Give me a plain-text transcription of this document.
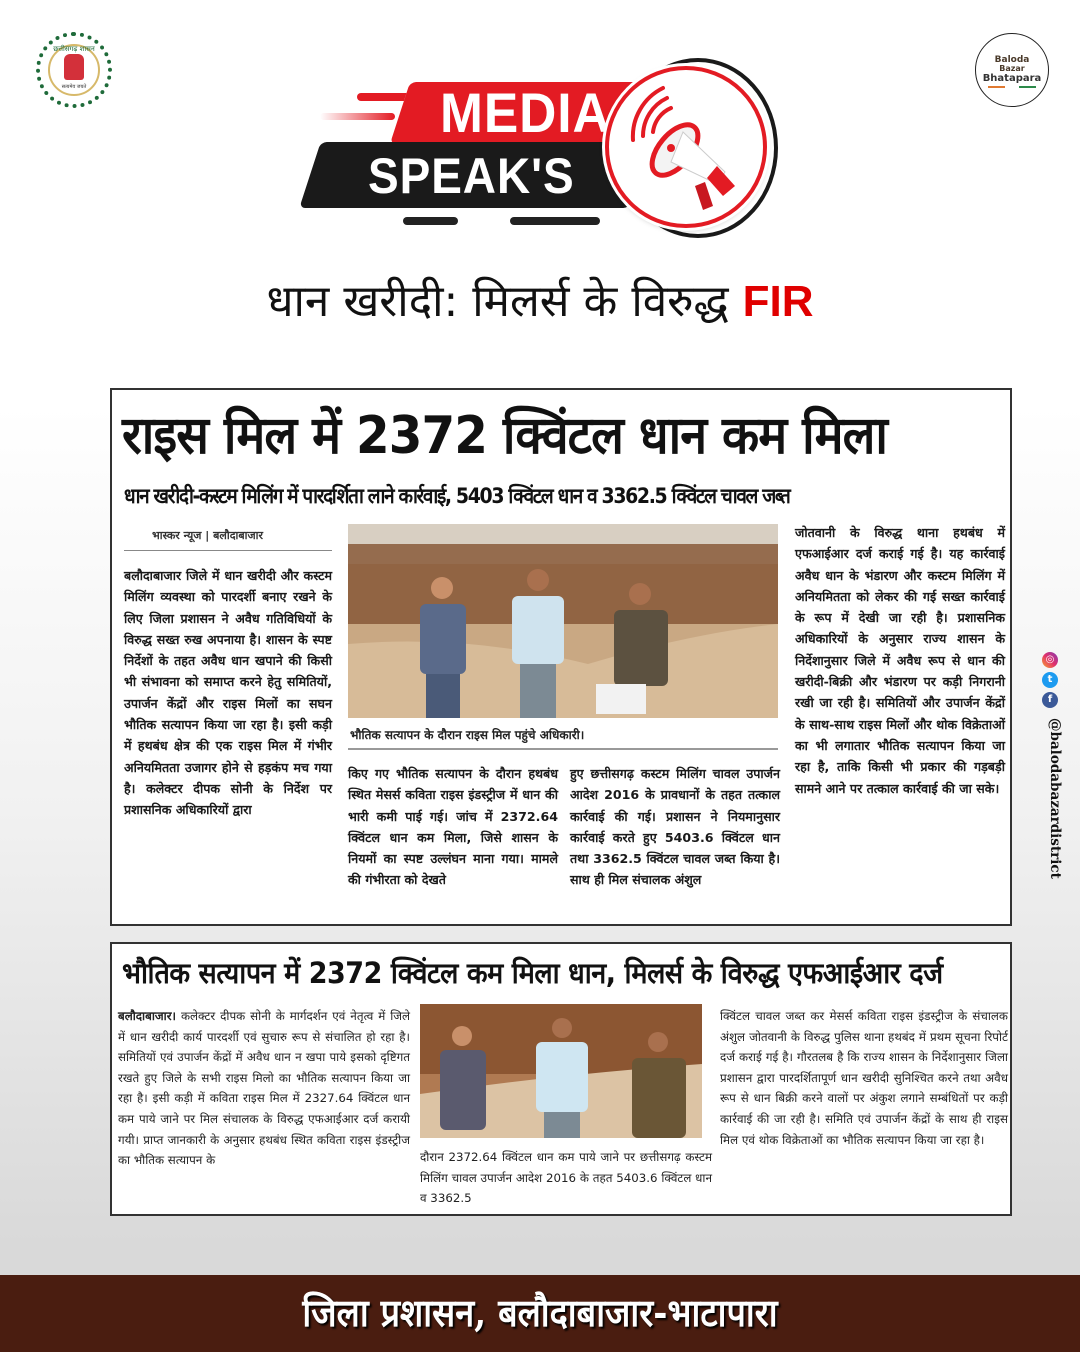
छत्तीसगढ़ शासन
सत्यमेव जयते
Baloda
Bazar
Bhatapara
MEDIA
SPEAK'S
धान खरीदी: मिलर्स के विरुद्ध FIR
राइस मिल में 2372 क्विंटल धान कम मिला
धान खरीदी-कस्टम मिलिंग में पारदर्शिता लाने कार्रवाई, 5403 क्विंटल धान व 3362.5 क्विंटल चावल जब्त
भास्कर न्यूज | बलौदाबाजार
बलौदाबाजार जिले में धान खरीदी और कस्टम मिलिंग व्यवस्था को पारदर्शी बनाए रखने के लिए जिला प्रशासन ने अवैध गतिविधियों के विरुद्ध सख्त रुख अपनाया है। शासन के स्पष्ट निर्देशों के तहत अवैध धान खपाने की किसी भी संभावना को समाप्त करने हेतु समितियों, उपार्जन केंद्रों और राइस मिलों का सघन भौतिक सत्यापन किया जा रहा है। इसी कड़ी में हथबंध क्षेत्र की एक राइस मिल में गंभीर अनियमितता उजागर होने से हड़कंप मच गया है। कलेक्टर दीपक सोनी के निर्देश पर प्रशासनिक अधिकारियों द्वारा
भौतिक सत्यापन के दौरान राइस मिल पहुंचे अधिकारी।
किए गए भौतिक सत्यापन के दौरान हथबंध स्थित मेसर्स कविता राइस इंडस्ट्रीज में धान की भारी कमी पाई गई। जांच में 2372.64 क्विंटल धान कम मिला, जिसे शासन के नियमों का स्पष्ट उल्लंघन माना गया। मामले की गंभीरता को देखते
हुए छत्तीसगढ़ कस्टम मिलिंग चावल उपार्जन आदेश 2016 के प्रावधानों के तहत तत्काल कार्रवाई की गई। प्रशासन ने नियमानुसार कार्रवाई करते हुए 5403.6 क्विंटल धान तथा 3362.5 क्विंटल चावल जब्त किया है। साथ ही मिल संचालक अंशुल
जोतवानी के विरुद्ध थाना हथबंध में एफआईआर दर्ज कराई गई है। यह कार्रवाई अवैध धान के भंडारण और कस्टम मिलिंग में अनियमितता को लेकर की गई सख्त कार्रवाई के रूप में देखी जा रही है। प्रशासनिक अधिकारियों के अनुसार राज्य शासन के निर्देशानुसार जिले में अवैध रूप से धान की खरीदी-बिक्री और भंडारण पर कड़ी निगरानी रखी जा रही है। समितियों और उपार्जन केंद्रों के साथ-साथ राइस मिलों और थोक विक्रेताओं का भी लगातार भौतिक सत्यापन किया जा रहा है, ताकि किसी भी प्रकार की गड़बड़ी सामने आने पर तत्काल कार्रवाई की जा सके।
भौतिक सत्यापन में 2372 क्विंटल कम मिला धान, मिलर्स के विरुद्ध एफआईआर दर्ज
बलौदाबाजार। कलेक्टर दीपक सोनी के मार्गदर्शन एवं नेतृत्व में जिले में धान खरीदी कार्य पारदर्शी एवं सुचारु रूप से संचालित हो रहा है। समितियों एवं उपार्जन केंद्रों में अवैध धान न खपा पाये इसको दृष्टिगत रखते हुए जिले के सभी राइस मिलो का भौतिक सत्यापन किया जा रहा है। इसी कड़ी में कविता राइस मिल में 2327.64 क्विंटल धान कम पाये जाने पर मिल संचालक के विरुद्ध एफआईआर दर्ज करायी गयी। प्राप्त जानकारी के अनुसार हथबंध स्थित कविता राइस इंडस्ट्रीज का भौतिक सत्यापन के	दौरान 2372.64 क्विंटल धान कम पाये जाने पर छत्तीसगढ़ कस्टम मिलिंग चावल उपार्जन आदेश 2016 के तहत 5403.6 क्विंटल धान व 3362.5
क्विंटल चावल जब्त कर मेसर्स कविता राइस इंडस्ट्रीज के संचालक अंशुल जोतवानी के विरुद्ध पुलिस थाना हथबंद में प्रथम सूचना रिपोर्ट दर्ज कराई गई है। गौरतलब है कि राज्य शासन के निर्देशानुसार जिला प्रशासन द्वारा पारदर्शितापूर्ण धान खरीदी सुनिश्चित करने तथा अवैध रूप से धान बिक्री करने वालों पर अंकुश लगाने सम्बंधितों पर कड़ी कार्रवाई की जा रही है। समिति एवं उपार्जन केंद्रों के साथ ही राइस मिल एवं थोक विक्रेताओं का भौतिक सत्यापन किया जा रहा है।
◎
t
f
@balodabazardistrict
जिला प्रशासन, बलौदाबाजार-भाटापारा
